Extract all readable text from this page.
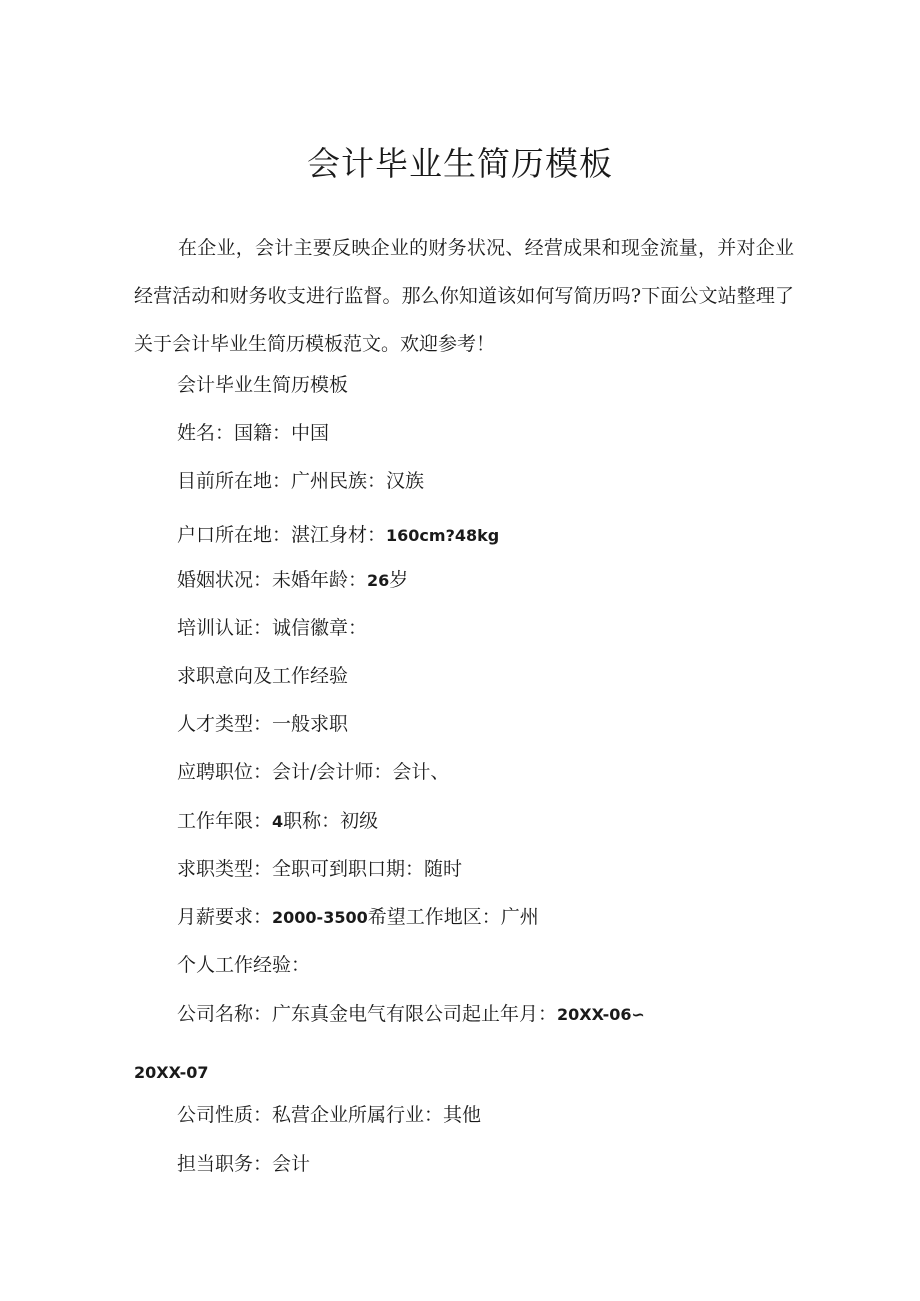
会计毕业生简历模板

在企业，会计主要反映企业的财务状况、经营成果和现金流量，并对企业经营活动和财务收支进行监督。那么你知道该如何写简历吗?下面公文站整理了关于会计毕业生简历模板范文。欢迎参考！

会计毕业生简历模板

姓名：国籍：中国

目前所在地：广州民族：汉族

户口所在地：湛江身材：160cm?48kg

婚姻状况：未婚年龄：26岁

培训认证：诚信徽章：

求职意向及工作经验

人才类型：一般求职

应聘职位：会计/会计师：会计、

工作年限：4职称：初级

求职类型：全职可到职口期：随时

月薪要求：2000-3500希望工作地区：广州

个人工作经验：

公司名称：广东真金电气有限公司起止年月：20XX-06∽

20XX-07

公司性质：私营企业所属行业：其他

担当职务：会计
